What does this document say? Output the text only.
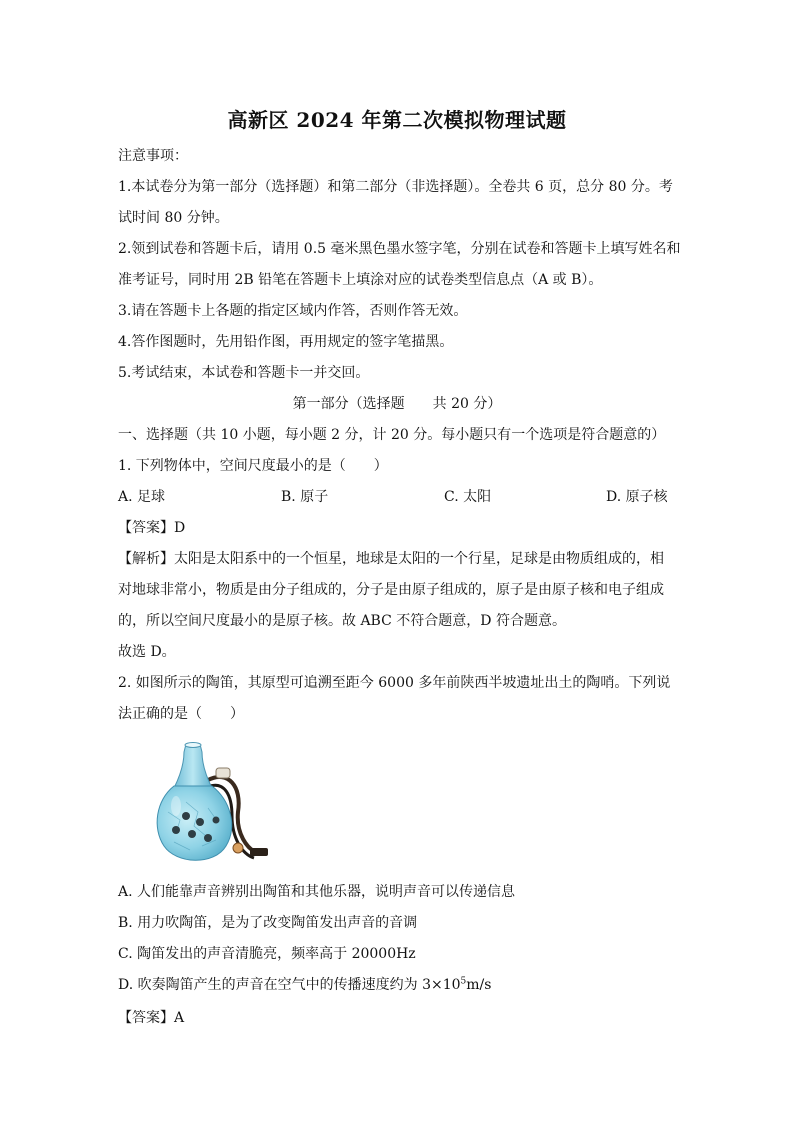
高新区 2024 年第二次模拟物理试题
注意事项：
1.本试卷分为第一部分（选择题）和第二部分（非选择题）。全卷共 6 页，总分 80 分。考
试时间 80 分钟。
2.领到试卷和答题卡后，请用 0.5 毫米黑色墨水签字笔，分别在试卷和答题卡上填写姓名和
准考证号，同时用 2B 铅笔在答题卡上填涂对应的试卷类型信息点（A 或 B）。
3.请在答题卡上各题的指定区域内作答，否则作答无效。
4.答作图题时，先用铅作图，再用规定的签字笔描黑。
5.考试结束，本试卷和答题卡一并交回。
第一部分（选择题　　共 20 分）
一、选择题（共 10 小题，每小题 2 分，计 20 分。每小题只有一个选项是符合题意的）
1. 下列物体中，空间尺度最小的是（　　）
A. 足球	B. 原子	C. 太阳	D. 原子核
【答案】D
【解析】太阳是太阳系中的一个恒星，地球是太阳的一个行星，足球是由物质组成的，相
对地球非常小，物质是由分子组成的，分子是由原子组成的，原子是由原子核和电子组成
的，所以空间尺度最小的是原子核。故 ABC 不符合题意，D 符合题意。
故选 D。
2. 如图所示的陶笛，其原型可追溯至距今 6000 多年前陕西半坡遗址出土的陶哨。下列说
法正确的是（　　）
A. 人们能靠声音辨别出陶笛和其他乐器，说明声音可以传递信息
B. 用力吹陶笛，是为了改变陶笛发出声音的音调
C. 陶笛发出的声音清脆亮，频率高于 20000Hz
D. 吹奏陶笛产生的声音在空气中的传播速度约为 $3\times 10^5m/s$
【答案】A
